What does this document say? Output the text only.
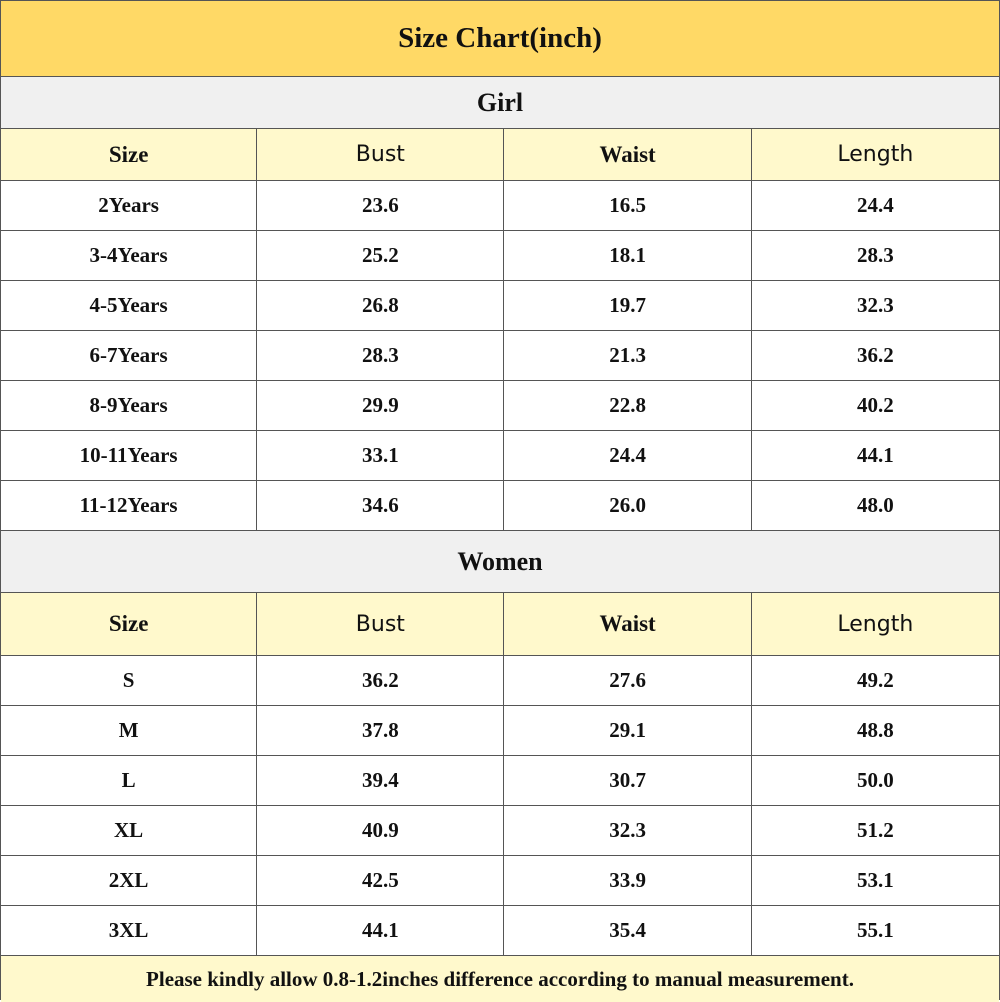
Size Chart(inch)
Girl
Size	Bust	Waist	Length
2Years	23.6	16.5	24.4
3-4Years	25.2	18.1	28.3
4-5Years	26.8	19.7	32.3
6-7Years	28.3	21.3	36.2
8-9Years	29.9	22.8	40.2
10-11Years	33.1	24.4	44.1
11-12Years	34.6	26.0	48.0
Women
Size	Bust	Waist	Length
S	36.2	27.6	49.2
M	37.8	29.1	48.8
L	39.4	30.7	50.0
XL	40.9	32.3	51.2
2XL	42.5	33.9	53.1
3XL	44.1	35.4	55.1
Please kindly allow 0.8-1.2inches difference according to manual measurement.
